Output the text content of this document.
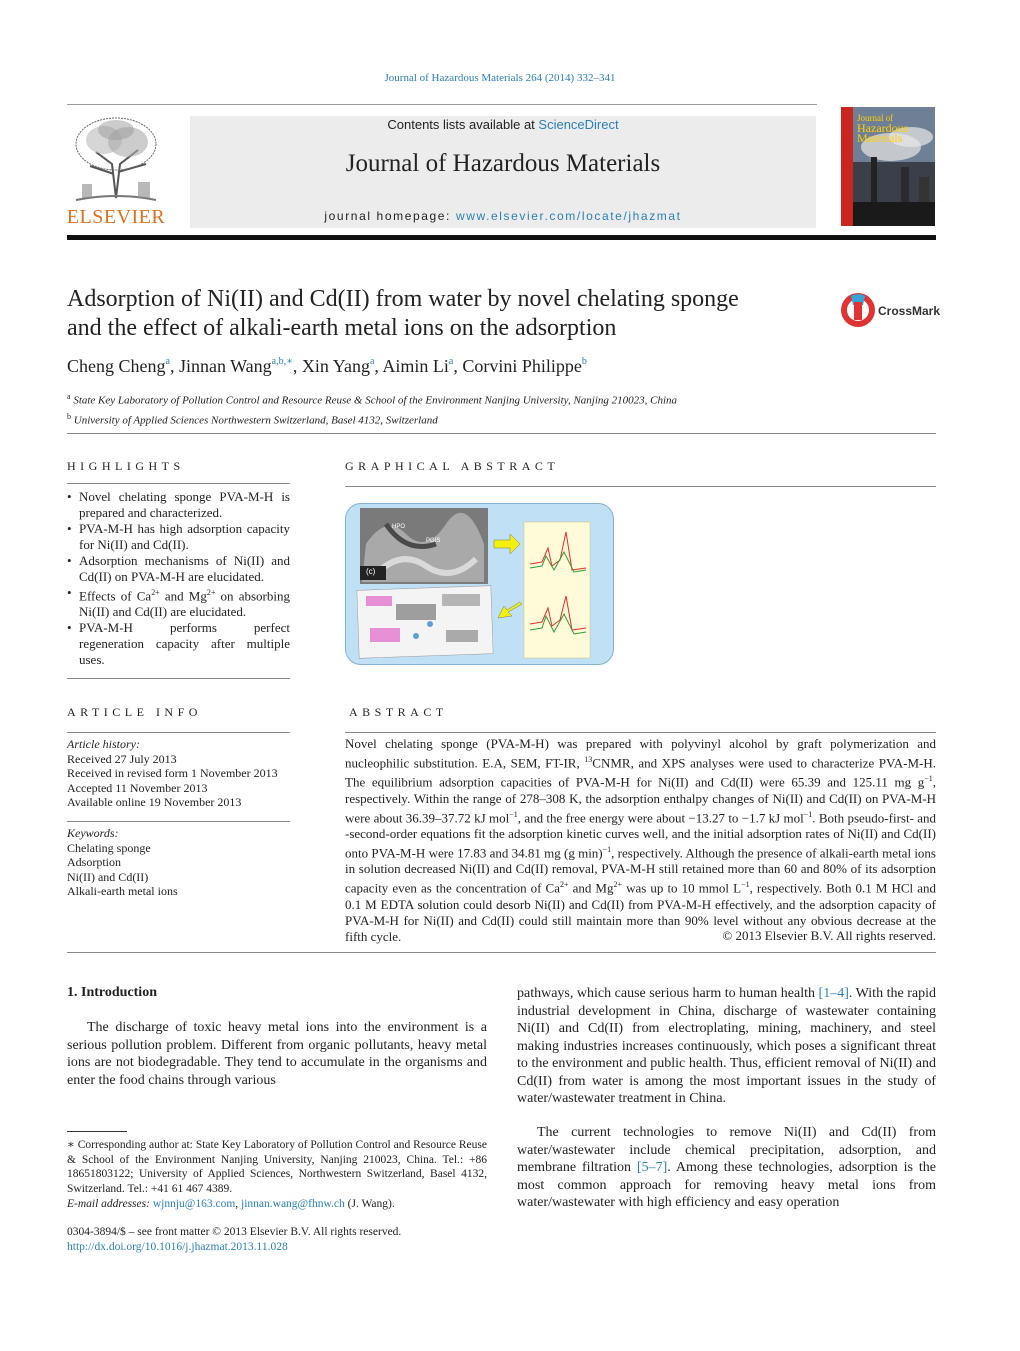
Journal of Hazardous Materials 264 (2014) 332–341
ELSEVIER
Contents lists available at ScienceDirect
Journal of Hazardous Materials
journal homepage: www.elsevier.com/locate/jhazmat
Journal of
Hazardous
Materials
Adsorption of Ni(II) and Cd(II) from water by novel chelating sponge
and the effect of alkali-earth metal ions on the adsorption
CrossMark
Cheng Cheng$^a$, Jinnan Wang$^{a,b,∗}$, Xin Yang$^a$, Aimin Li$^a$, Corvini Philippe$^b$
$^a$ State Key Laboratory of Pollution Control and Resource Reuse & School of the Environment Nanjing University, Nanjing 210023, China
$^b$ University of Applied Sciences Northwestern Switzerland, Basel 4132, Switzerland
HIGHLIGHTS
• Novel chelating sponge PVA-M-H is prepared and characterized.
• PVA-M-H has high adsorption capacity for Ni(II) and Cd(II).
• Adsorption mechanisms of Ni(II) and Cd(II) on PVA-M-H are elucidated.
• Effects of $Ca^{2+}$ and $Mg^{2+}$ on absorbing Ni(II) and Cd(II) are elucidated.
• PVA-M-H performs perfect regeneration capacity after multiple uses.
GRAPHICAL ABSTRACT
(c)
HPO
PGIS
ARTICLE INFO
Article history:
Received 27 July 2013
Received in revised form 1 November 2013
Accepted 11 November 2013
Available online 19 November 2013
Keywords:
Chelating sponge
Adsorption
Ni(II) and Cd(II)
Alkali-earth metal ions
ABSTRACT
Novel chelating sponge (PVA-M-H) was prepared with polyvinyl alcohol by graft polymerization and nucleophilic substitution. E.A, SEM, FT-IR, $^{13}$CNMR, and XPS analyses were used to characterize PVA-M-H. The equilibrium adsorption capacities of PVA-M-H for Ni(II) and Cd(II) were 65.39 and 125.11 mg $g^{-1}$, respectively. Within the range of 278–308 K, the adsorption enthalpy changes of Ni(II) and Cd(II) on PVA-M-H were about 36.39–37.72 kJ mol$^{-1}$, and the free energy were about −13.27 to −1.7 kJ mol$^{-1}$. Both pseudo-first- and -second-order equations fit the adsorption kinetic curves well, and the initial adsorption rates of Ni(II) and Cd(II) onto PVA-M-H were 17.83 and 34.81 mg (g min)$^{-1}$, respectively. Although the presence of alkali-earth metal ions in solution decreased Ni(II) and Cd(II) removal, PVA-M-H still retained more than 60 and 80% of its adsorption capacity even as the concentration of $Ca^{2+}$ and $Mg^{2+}$ was up to 10 mmol $L^{-1}$, respectively. Both 0.1 M HCl and 0.1 M EDTA solution could desorb Ni(II) and Cd(II) from PVA-M-H effectively, and the adsorption capacity of PVA-M-H for Ni(II) and Cd(II) could still maintain more than 90% level without any obvious decrease at the fifth cycle.	© 2013 Elsevier B.V. All rights reserved.
1. Introduction
The discharge of toxic heavy metal ions into the environment is a serious pollution problem. Different from organic pollutants, heavy metal ions are not biodegradable. They tend to accumulate in the organisms and enter the food chains through various
pathways, which cause serious harm to human health [1–4]. With the rapid industrial development in China, discharge of wastewater containing Ni(II) and Cd(II) from electroplating, mining, machinery, and steel making industries increases continuously, which poses a significant threat to the environment and public health. Thus, efficient removal of Ni(II) and Cd(II) from water is among the most important issues in the study of water/wastewater treatment in China.
The current technologies to remove Ni(II) and Cd(II) from water/wastewater include chemical precipitation, adsorption, and membrane filtration [5–7]. Among these technologies, adsorption is the most common approach for removing heavy metal ions from water/wastewater with high efficiency and easy operation
∗ Corresponding author at: State Key Laboratory of Pollution Control and Resource Reuse & School of the Environment Nanjing University, Nanjing 210023, China. Tel.: +86 18651803122; University of Applied Sciences, Northwestern Switzerland, Basel 4132, Switzerland. Tel.: +41 61 467 4389.
E-mail addresses: wjnnju@163.com, jinnan.wang@fhnw.ch (J. Wang).
0304-3894/$ – see front matter © 2013 Elsevier B.V. All rights reserved.
http://dx.doi.org/10.1016/j.jhazmat.2013.11.028
